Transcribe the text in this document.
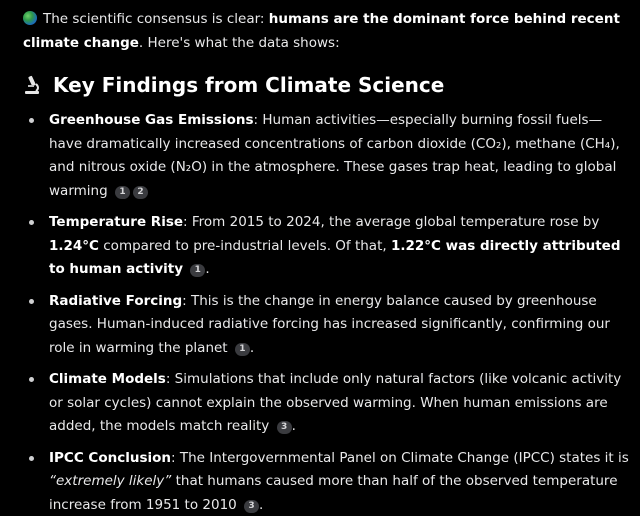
The scientific consensus is clear: humans are the dominant force behind recent climate change. Here's what the data shows:

Key Findings from Climate Science
Greenhouse Gas Emissions: Human activities—especially burning fossil fuels—have dramatically increased concentrations of carbon dioxide (CO₂), methane (CH₄), and nitrous oxide (N₂O) in the atmosphere. These gases trap heat, leading to global warming 1 2
Temperature Rise: From 2015 to 2024, the average global temperature rose by 1.24°C compared to pre-industrial levels. Of that, 1.22°C was directly attributed to human activity 1 .
Radiative Forcing: This is the change in energy balance caused by greenhouse gases. Human-induced radiative forcing has increased significantly, confirming our role in warming the planet 1 .
Climate Models: Simulations that include only natural factors (like volcanic activity or solar cycles) cannot explain the observed warming. When human emissions are added, the models match reality 3 .
IPCC Conclusion: The Intergovernmental Panel on Climate Change (IPCC) states it is “extremely likely” that humans caused more than half of the observed temperature increase from 1951 to 2010 3 .
